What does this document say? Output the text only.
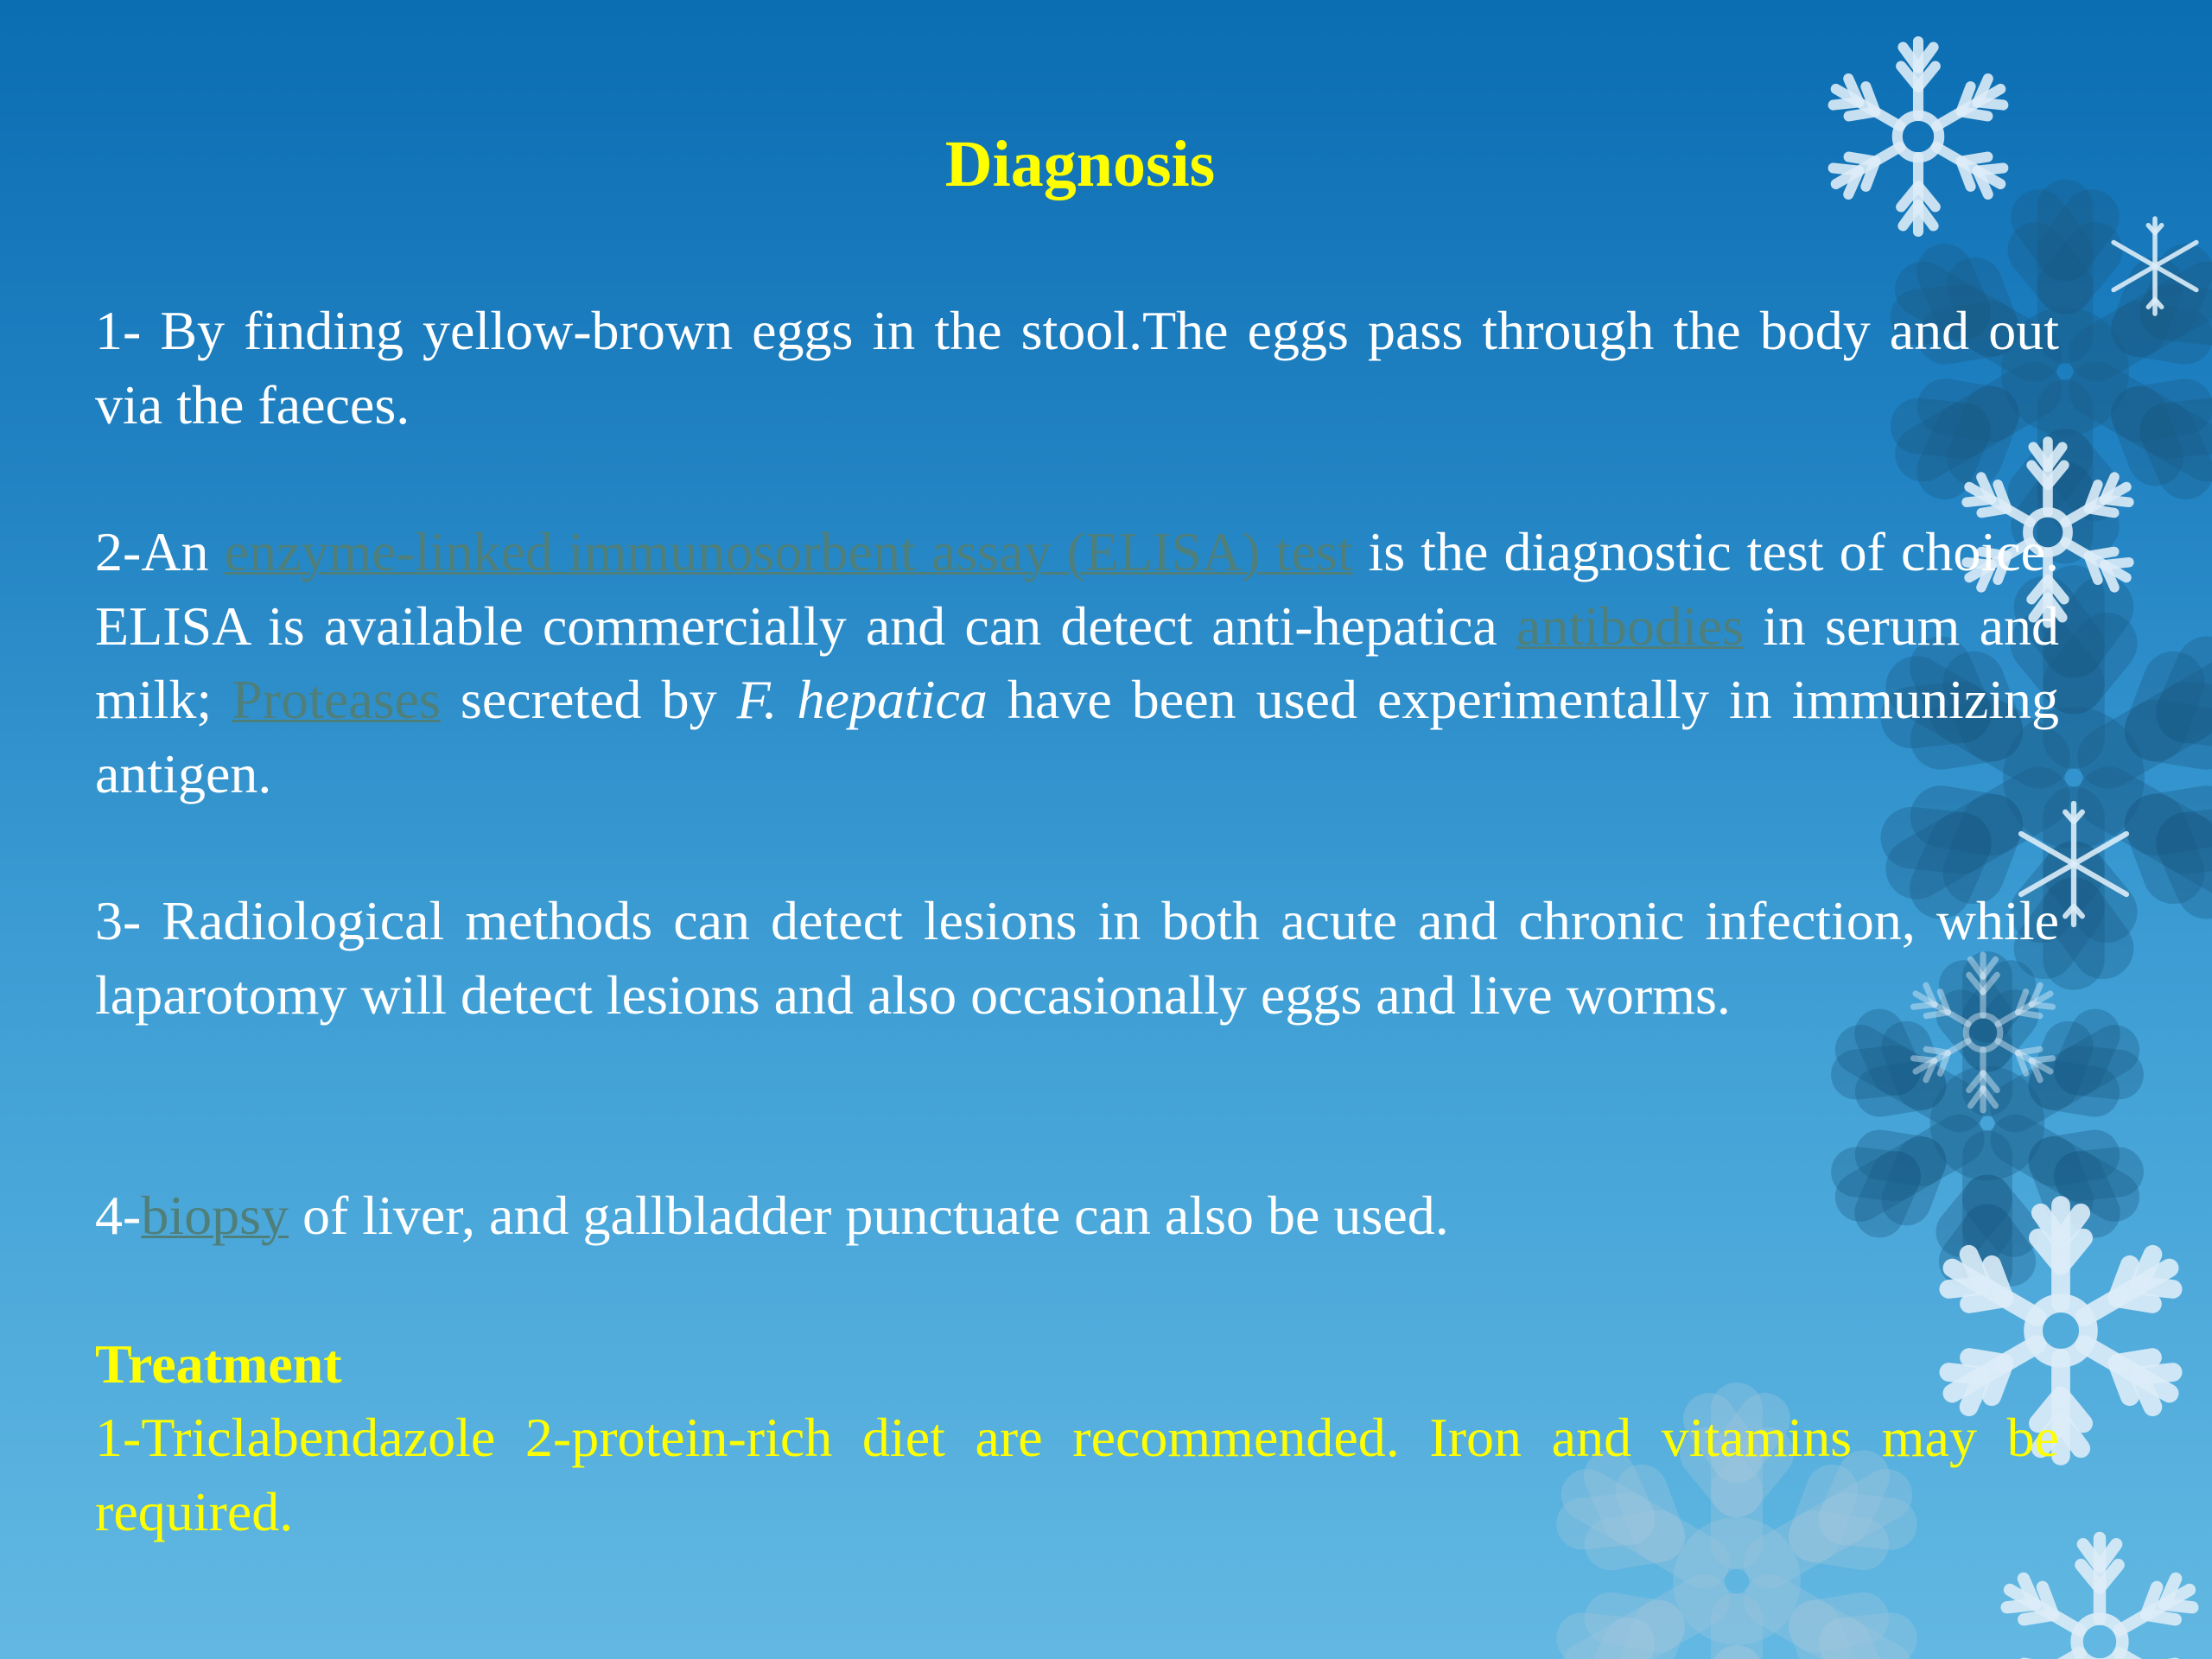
Diagnosis

1- By finding yellow-brown eggs in the stool.The eggs pass through the body and out via the faeces.

2-An enzyme-linked immunosorbent assay (ELISA) test is the diagnostic test of choice. ELISA is available commercially and can detect anti-hepatica antibodies in serum and milk; Proteases secreted by F. hepatica have been used experimentally in immunizing antigen.

3- Radiological methods can detect lesions in both acute and chronic infection, while laparotomy will detect lesions and also occasionally eggs and live worms.

4-biopsy of liver, and gallbladder punctuate can also be used.

Treatment

1-Triclabendazole 2-protein-rich diet are recommended. Iron and vitamins may be required.
